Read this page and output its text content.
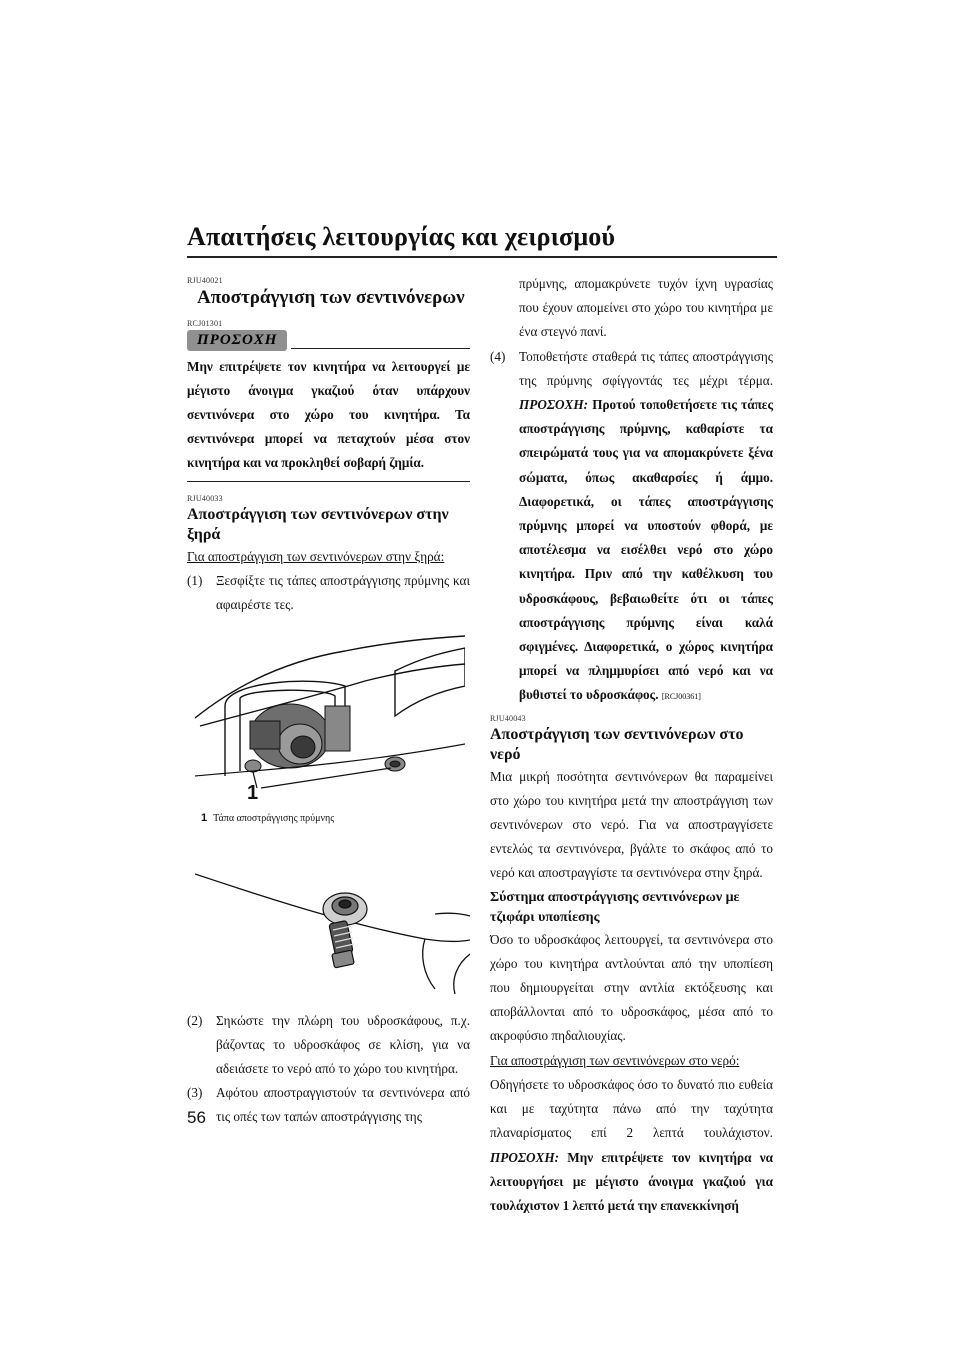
Απαιτήσεις λειτουργίας και χειρισμού
RJU40021
Αποστράγγιση των σεντινόνερων
RCJ01301
ΠΡΟΣΟΧΗ

Μην επιτρέψετε τον κινητήρα να λειτουργεί με μέγιστο άνοιγμα γκαζιού όταν υπάρχουν σεντινόνερα στο χώρο του κινητήρα. Τα σεντινόνερα μπορεί να πεταχτούν μέσα στον κινητήρα και να προκληθεί σοβαρή ζημία.

RJU40033
Αποστράγγιση των σεντινόνερων στην ξηρά

Για αποστράγγιση των σεντινόνερων στην ξηρά:

(1)	Ξεσφίξτε τις τάπες αποστράγγισης πρύμνης και αφαιρέστε τες.
1

1 Τάπα αποστράγγισης πρύμνης

(2)	Σηκώστε την πλώρη του υδροσκάφους, π.χ. βάζοντας το υδροσκάφος σε κλίση, για να αδειάσετε το νερό από το χώρο του κινητήρα.
(3)	Αφότου αποστραγγιστούν τα σεντινόνερα από τις οπές των ταπών αποστράγγισης της
πρύμνης, απομακρύνετε τυχόν ίχνη υγρασίας που έχουν απομείνει στο χώρο του κινητήρα με ένα στεγνό πανί.
(4)	Τοποθετήστε σταθερά τις τάπες αποστράγγισης της πρύμνης σφίγγοντάς τες μέχρι τέρμα. ΠΡΟΣΟΧΗ: Προτού τοποθετήσετε τις τάπες αποστράγγισης πρύμνης, καθαρίστε τα σπειρώματά τους για να απομακρύνετε ξένα σώματα, όπως ακαθαρσίες ή άμμο. Διαφορετικά, οι τάπες αποστράγγισης πρύμνης μπορεί να υποστούν φθορά, με αποτέλεσμα να εισέλθει νερό στο χώρο κινητήρα. Πριν από την καθέλκυση του υδροσκάφους, βεβαιωθείτε ότι οι τάπες αποστράγγισης πρύμνης είναι καλά σφιγμένες. Διαφορετικά, ο χώρος κινητήρα μπορεί να πλημμυρίσει από νερό και να βυθιστεί το υδροσκάφος. [RCJ00361]
RJU40043
Αποστράγγιση των σεντινόνερων στο νερό

Μια μικρή ποσότητα σεντινόνερων θα παραμείνει στο χώρο του κινητήρα μετά την αποστράγγιση των σεντινόνερων στο νερό. Για να αποστραγγίσετε εντελώς τα σεντινόνερα, βγάλτε το σκάφος από το νερό και αποστραγγίστε τα σεντινόνερα στην ξηρά.

Σύστημα αποστράγγισης σεντινόνερων με τζιφάρι υποπίεσης

Όσο το υδροσκάφος λειτουργεί, τα σεντινόνερα στο χώρο του κινητήρα αντλούνται από την υποπίεση που δημιουργείται στην αντλία εκτόξευσης και αποβάλλονται από το υδροσκάφος, μέσα από το ακροφύσιο πηδαλιουχίας.

Για αποστράγγιση των σεντινόνερων στο νερό:

Οδηγήσετε το υδροσκάφος όσο το δυνατό πιο ευθεία και με ταχύτητα πάνω από την ταχύτητα πλαναρίσματος επί 2 λεπτά τουλάχιστον. ΠΡΟΣΟΧΗ: Μην επιτρέψετε τον κινητήρα να λειτουργήσει με μέγιστο άνοιγμα γκαζιού για τουλάχιστον 1 λεπτό μετά την επανεκκίνησή

56
